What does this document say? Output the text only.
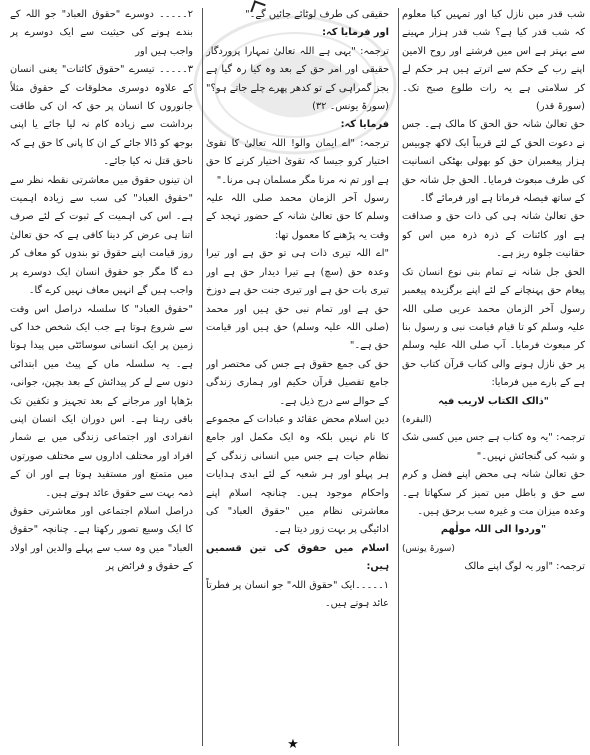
شب قدر میں نازل کیا اور تمہیں کیا معلوم کہ شب قدر کیا ہے؟ شب قدر ہزار مہینے سے بہتر ہے اس میں فرشتے اور روح الامین اپنے رب کے حکم سے اترتے ہیں ہر حکم لے کر سلامتی ہے یہ رات طلوع صبح تک۔ (سورۃ قدر)

حق تعالیٰ شانہ حق الحق کا مالک ہے۔ جس نے دعوت الحق کے لئے قریباً ایک لاکھ چوبیس ہزار پیغمبران حق کو بھولی بھٹکی انسانیت کی طرف مبعوث فرمایا۔ الحق جل شانہ حق کے ساتھ فیصلہ فرماتا ہے اور فرمائے گا۔

حق تعالیٰ شانہ ہی کی ذات حق و صداقت ہے اور کائنات کے ذرہ ذرہ میں اس کو حقانیت جلوہ ریز ہے۔

الحق جل شانہ نے تمام بنی نوع انسان تک پیغام حق پہنچانے کے لئے اپنے برگزیدہ پیغمبر رسول آخر الزمان محمد عربی صلی اللہ علیہ وسلم کو تا قیام قیامت نبی و رسول بنا کر مبعوث فرمایا۔ آپ صلی اللہ علیہ وسلم پر حق نازل ہونے والی کتاب قرآن کتاب حق ہے کے بارے میں فرمایا:

"ذالک الکتاب لاریب فیہ

(البقرہ)

ترجمہ: "یہ وہ کتاب ہے جس میں کسی شک و شبہ کی گنجائش نہیں۔"

حق تعالیٰ شانہ ہی محض اپنے فضل و کرم سے حق و باطل میں تمیز کر سکھاتا ہے۔ وعدہ میزان مت و غیرہ سب برحق ہیں۔

"وردوا الی اللہ مولٰھم

(سورۃ یونس)

ترجمہ: "اور یہ لوگ اپنے مالک

حقیقی کی طرف لوٹائے جائیں گے۔"

اور فرمایا کہ:

ترجمہ: "یہی ہے اللہ تعالیٰ تمہارا پروردگار حقیقی اور امر حق کے بعد وہ کیا رہ گیا ہے بجز گمراہی کے تو کدھر پھرے چلے جاتے ہو؟" (سورۃ یونس۔ ۳۲)

فرمایا کہ:

ترجمہ: "اے ایمان والو! اللہ تعالیٰ کا تقویٰ اختیار کرو جیسا کہ تقویٰ اختیار کرنے کا حق ہے اور تم نہ مرنا مگر مسلمان ہی مرنا۔"

رسول آخر الزمان محمد صلی اللہ علیہ وسلم کا حق تعالیٰ شانہ کے حضور تہجد کے وقت یہ پڑھنے کا معمول تھا:

"اے اللہ تیری ذات ہی تو حق ہے اور تیرا وعدہ حق (سچ) ہے تیرا دیدار حق ہے اور تیری بات حق ہے اور تیری جنت حق ہے دوزخ حق ہے اور تمام نبی حق ہیں اور محمد (صلی اللہ علیہ وسلم) حق ہیں اور قیامت حق ہے۔"

حق کی جمع حقوق ہے جس کی مختصر اور جامع تفصیل قرآن حکیم اور ہماری زندگی کے حوالے سے درج ذیل ہے۔

دین اسلام محض عقائد و عبادات کے مجموعے کا نام نہیں بلکہ وہ ایک مکمل اور جامع نظام حیات ہے جس میں انسانی زندگی کے ہر پہلو اور ہر شعبہ کے لئے ابدی ہدایات واحکام موجود ہیں۔ چنانچہ اسلام اپنے معاشرتی نظام میں "حقوق العباد" کی ادائیگی پر بہت زور دیتا ہے۔

اسلام میں حقوق کی تین قسمیں ہیں:

۱۔۔۔۔۔ایک "حقوق اللہ" جو انسان پر فطرتاً عائد ہوتے ہیں۔

۲۔۔۔۔۔ دوسرے "حقوق العباد" جو اللہ کے بندے ہونے کی حیثیت سے ایک دوسرے پر واجب ہیں اور

۳۔۔۔۔۔ تیسرے "حقوق کائنات" یعنی انسان کے علاوہ دوسری مخلوقات کے حقوق مثلاً جانوروں کا انسان پر حق کہ ان کی طاقت برداشت سے زیادہ کام نہ لیا جائے یا اپنی بوجھ کو ڈالا جائے کے ان کا پانی کا حق ہے کہ ناحق قتل نہ کیا جائے۔

ان تینوں حقوق میں معاشرتی نقطہ نظر سے "حقوق العباد" کی سب سے زیادہ اہمیت ہے۔ اس کی اہمیت کے ثبوت کے لئے صرف اتنا ہی عرض کر دینا کافی ہے کہ حق تعالیٰ روز قیامت اپنے حقوق تو بندوں کو معاف کر دے گا مگر جو حقوق انسان ایک دوسرے پر واجب ہیں گے انہیں معاف نہیں کرے گا۔

"حقوق العباد" کا سلسلہ دراصل اس وقت سے شروع ہوتا ہے جب ایک شخص خدا کی زمین پر ایک انسانی سوسائٹی میں پیدا ہوتا ہے۔ یہ سلسلہ ماں کے پیٹ میں ابتدائی دنوں سے لے کر پیدائش کے بعد بچپن، جوانی، بڑھاپا اور مرجانے کے بعد تجہیز و تکفین تک باقی رہتا ہے۔ اس دوران ایک انسان اپنی انفرادی اور اجتماعی زندگی میں بے شمار افراد اور مختلف اداروں سے مختلف صورتوں میں متمتع اور مستفید ہوتا ہے اور ان کے ذمہ بہت سے حقوق عائد ہوتے ہیں۔

دراصل اسلام اجتماعی اور معاشرتی حقوق کا ایک وسیع تصور رکھتا ہے۔ چنانچہ "حقوق العباد" میں وہ سب سے پہلے والدین اور اولاد کے حقوق و فرائض پر

★
